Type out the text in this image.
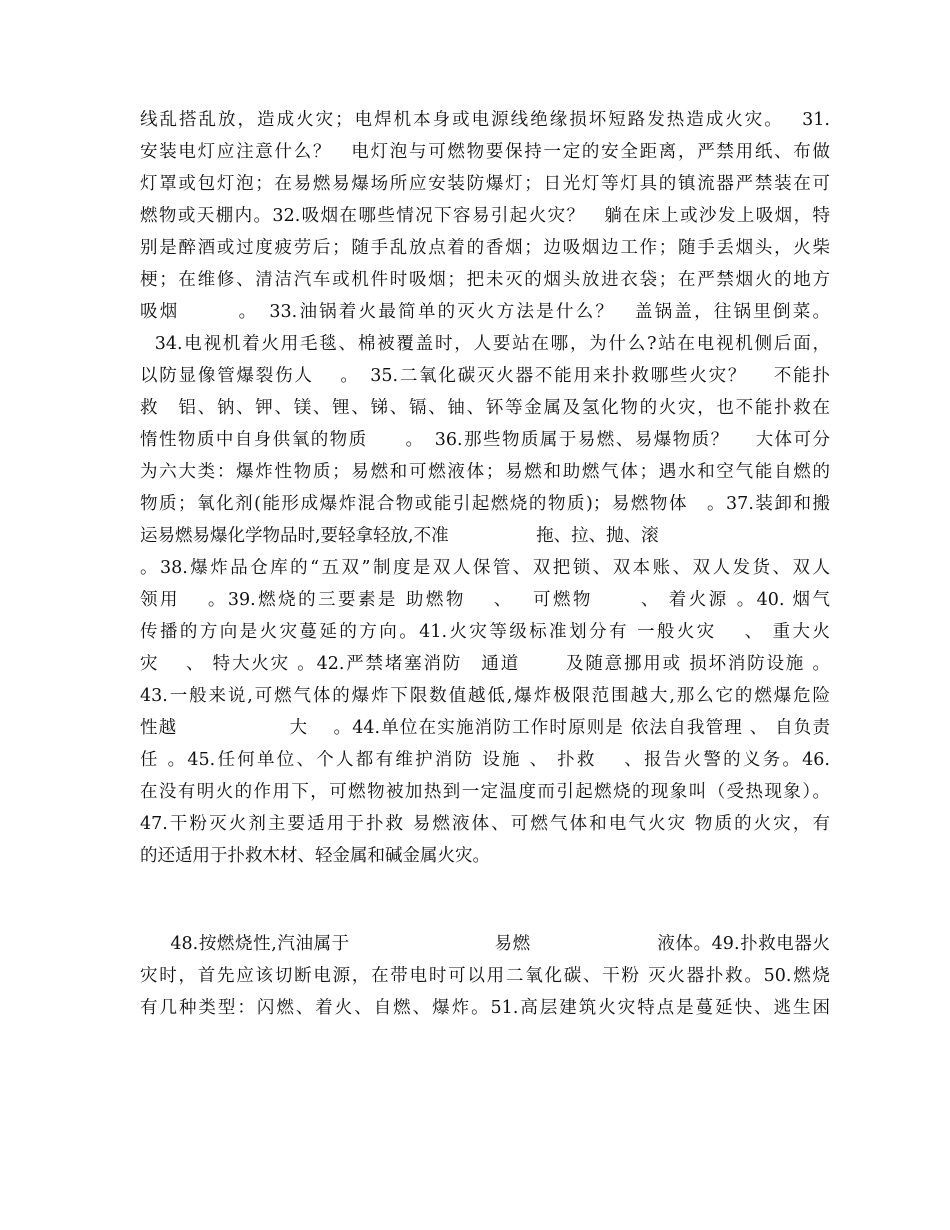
线乱搭乱放，造成火灾；电焊机本身或电源线绝缘损坏短路发热造成火灾。　 31.
安装电灯应注意什么？　电灯泡与可燃物要保持一定的安全距离，严禁用纸、布做
灯罩或包灯泡；在易燃易爆场所应安装防爆灯；日光灯等灯具的镇流器严禁装在可
燃物或天棚内。32.吸烟在哪些情况下容易引起火灾？　躺在床上或沙发上吸烟，特
别是醉酒或过度疲劳后；随手乱放点着的香烟；边吸烟边工作；随手丢烟头，火柴
梗；在维修、清洁汽车或机件时吸烟；把未灭的烟头放进衣袋；在严禁烟火的地方
吸烟　　　。　33.油锅着火最简单的灭火方法是什么？　盖锅盖，往锅里倒菜。
34.电视机着火用毛毯、棉被覆盖时，人要站在哪，为什么?站在电视机侧后面，
以防显像管爆裂伤人　 。　35.二氧化碳灭火器不能用来扑救哪些火灾？　 不能扑
救　铝、钠、钾、镁、锂、锑、镉、铀、钚等金属及氢化物的火灾，也不能扑救在
惰性物质中自身供氧的物质　　。　36.那些物质属于易燃、易爆物质？　 大体可分
为六大类：爆炸性物质；易燃和可燃液体；易燃和助燃气体；遇水和空气能自燃的
物质；氧化剂(能形成爆炸混合物或能引起燃烧的物质)；易燃物体　。37.装卸和搬
运易燃易爆化学物品时,要轻拿轻放,不准　　　　　拖、拉、抛、滚
。38.爆炸品仓库的“五双”制度是双人保管、双把锁、双本账、双人发货、双人
领用　 。39.燃烧的三要素是 助燃物　 、　 可燃物　　 、 着火源 。40. 烟气
传播的方向是火灾蔓延的方向。41.火灾等级标准划分有 一般火灾　 、 重大火
灾　 、 特大火灾 。42.严禁堵塞消防　通道　　 及随意挪用或 损坏消防设施 。
43.一般来说,可燃气体的爆炸下限数值越低,爆炸极限范围越大,那么它的燃爆危险
性越　　　　　　大　 。44.单位在实施消防工作时原则是 依法自我管理 、 自负责
任 。45.任何单位、个人都有维护消防 设施 、 扑救　 、报告火警的义务。46.
在没有明火的作用下，可燃物被加热到一定温度而引起燃烧的现象叫（受热现象）。
47.干粉灭火剂主要适用于扑救 易燃液体、可燃气体和电气火灾 物质的火灾，有
的还适用于扑救木材、轻金属和碱金属火灾。
　48.按燃烧性,汽油属于　　　　　　　　易燃　　　　　　　液体。49.扑救电器火
灾时，首先应该切断电源，在带电时可以用二氧化碳、干粉 灭火器扑救。50.燃烧
有几种类型：闪燃、着火、自燃、爆炸。51.高层建筑火灾特点是蔓延快、逃生困
